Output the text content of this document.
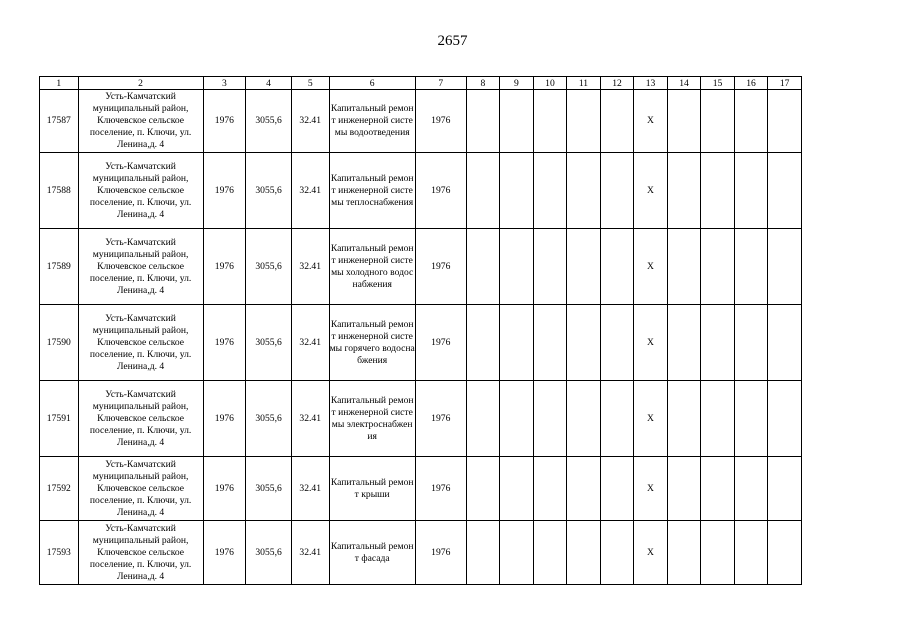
2657
1	2	3	4	5	6	7	8	9	10	11	12	13	14	15	16	17
17587	Усть-Камчатский муниципальный район, Ключевское сельское поселение, п. Ключи, ул. Ленина,д. 4	1976	3055,6	32.41	Капитальный ремонт инженерной системы водоотведения	1976						Х				
17588	Усть-Камчатский муниципальный район, Ключевское сельское поселение, п. Ключи, ул. Ленина,д. 4	1976	3055,6	32.41	Капитальный ремонт инженерной системы теплоснабжения	1976						Х				
17589	Усть-Камчатский муниципальный район, Ключевское сельское поселение, п. Ключи, ул. Ленина,д. 4	1976	3055,6	32.41	Капитальный ремонт инженерной системы холодного водоснабжения	1976						Х				
17590	Усть-Камчатский муниципальный район, Ключевское сельское поселение, п. Ключи, ул. Ленина,д. 4	1976	3055,6	32.41	Капитальный ремонт инженерной системы горячего водоснабжения	1976						Х				
17591	Усть-Камчатский муниципальный район, Ключевское сельское поселение, п. Ключи, ул. Ленина,д. 4	1976	3055,6	32.41	Капитальный ремонт инженерной системы электроснабжения	1976						Х				
17592	Усть-Камчатский муниципальный район, Ключевское сельское поселение, п. Ключи, ул. Ленина,д. 4	1976	3055,6	32.41	Капитальный ремонт крыши	1976						Х				
17593	Усть-Камчатский муниципальный район, Ключевское сельское поселение, п. Ключи, ул. Ленина,д. 4	1976	3055,6	32.41	Капитальный ремонт фасада	1976						Х				
